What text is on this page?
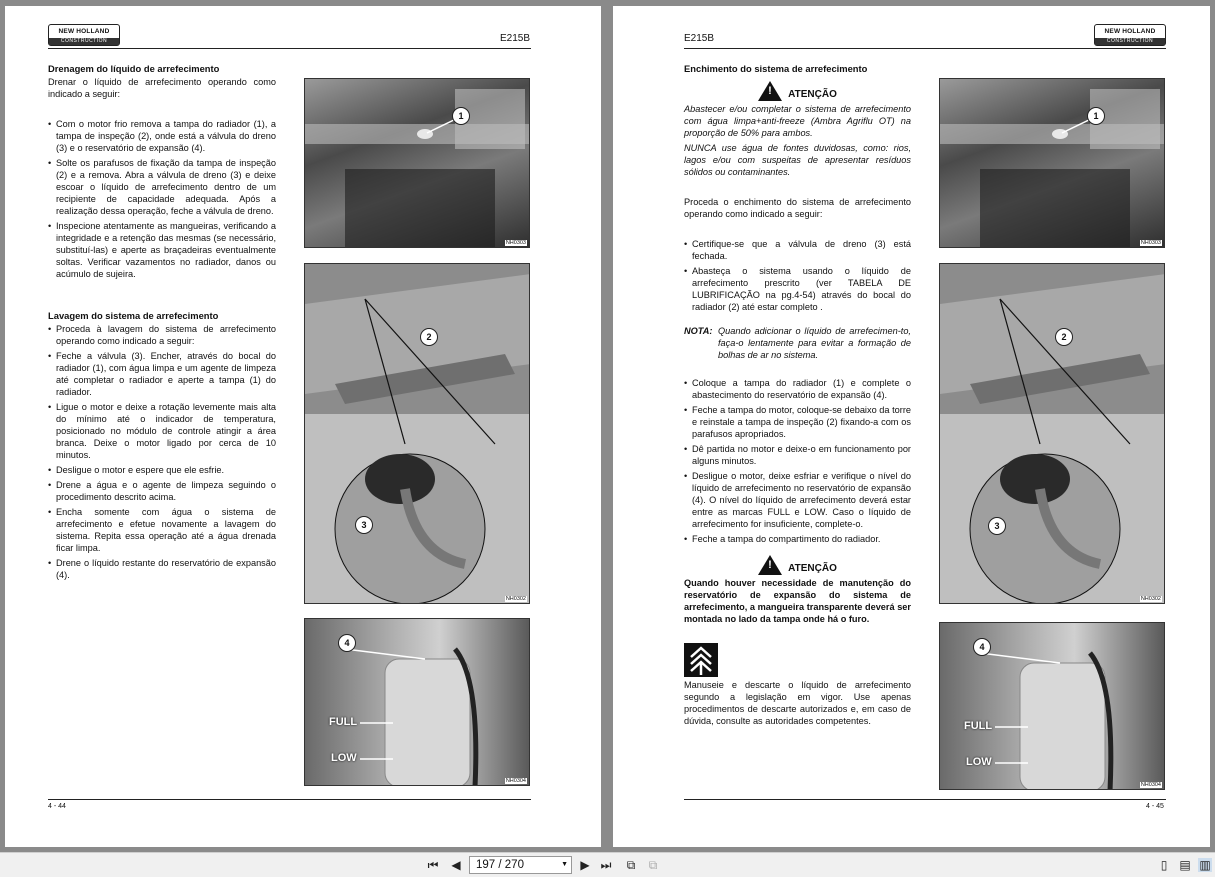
NEW HOLLAND
CONSTRUCTION	E215B
Drenagem do líquido de arrefecimento

Drenar o líquido de arrefecimento operando como indicado a seguir:

• Com o motor frio remova a tampa do radiador (1), a tampa de inspeção (2), onde está a válvula do dreno (3) e o reservatório de expansão (4).
• Solte os parafusos de fixação da tampa de inspeção (2) e a remova. Abra a válvula de dreno (3) e deixe escoar o líquido de arrefecimento dentro de um recipiente de capacidade adequada. Após a realização dessa operação, feche a válvula de dreno.
• Inspecione atentamente as mangueiras, verificando a integridade e a retenção das mesmas (se necessário, substituí-las) e aperte as braçadeiras eventualmente soltas. Verificar vazamentos no radiador, danos ou acúmulo de sujeira.
Lavagem do sistema de arrefecimento
• Proceda à lavagem do sistema de arrefecimento operando como indicado a seguir:
• Feche a válvula (3). Encher, através do bocal do radiador (1), com água limpa e um agente de limpeza até completar o radiador e aperte a tampa (1) do radiador.
• Ligue o motor e deixe a rotação levemente mais alta do mínimo até o indicador de temperatura, posicionado no módulo de controle atingir a área branca. Deixe o motor ligado por cerca de 10 minutos.
• Desligue o motor e espere que ele esfrie.
• Drene a água e o agente de limpeza seguindo o procedimento descrito acima.
• Encha somente com água o sistema de arrefecimento e efetue novamente a lavagem do sistema. Repita essa operação até a água drenada ficar limpa.
• Drene o líquido restante do reservatório de expansão (4).
1
NH0303
2
3
NH0302
4
FULL
LOW
NH0304
4 - 44
E215B
NEW HOLLAND
CONSTRUCTION
Enchimento do sistema de arrefecimento
! ATENÇÃO

Abastecer e/ou completar o sistema de arrefecimento com água limpa+anti-freeze (Ambra Agriflu OT) na proporção de 50% para ambos.

NUNCA use água de fontes duvidosas, como: rios, lagos e/ou com suspeitas de apresentar resíduos sólidos ou contaminantes.

Proceda o enchimento do sistema de arrefecimento operando como indicado a seguir:

• Certifique-se que a válvula de dreno (3) está fechada.
• Abasteça o sistema usando o líquido de arrefecimento prescrito (ver TABELA DE LUBRIFICAÇÃO na pg.4-54) através do bocal do radiador (2) até estar completo .
NOTA: Quando adicionar o líquido de arrefecimen-to, faça-o lentamente para evitar a formação de bolhas de ar no sistema.
• Coloque a tampa do radiador (1) e complete o abastecimento do reservatório de expansão (4).
• Feche a tampa do motor, coloque-se debaixo da torre e reinstale a tampa de inspeção (2) fixando-a com os parafusos apropriados.
• Dê partida no motor e deixe-o em funcionamento por alguns minutos.
• Desligue o motor, deixe esfriar e verifique o nível do líquido de arrefecimento no reservatório de expansão (4). O nível do líquido de arrefecimento deverá estar entre as marcas FULL e LOW. Caso o líquido de arrefecimento for insuficiente, complete-o.
• Feche a tampa do compartimento do radiador.
! ATENÇÃO

Quando houver necessidade de manutenção do reservatório de expansão do sistema de arrefecimento, a mangueira transparente deverá ser montada no lado da tampa onde há o furo.

Manuseie e descarte o líquido de arrefecimento segundo a legislação em vigor. Use apenas procedimentos de descarte autorizados e, em caso de dúvida, consulte as autoridades competentes.

1
NH0303
2
3
NH0302
4
FULL
LOW
NH0304
4 - 45
⏮ ◀	197 / 270	▼ ▶ ⏭ ⧉ ⧉	▯	▤ ▥
